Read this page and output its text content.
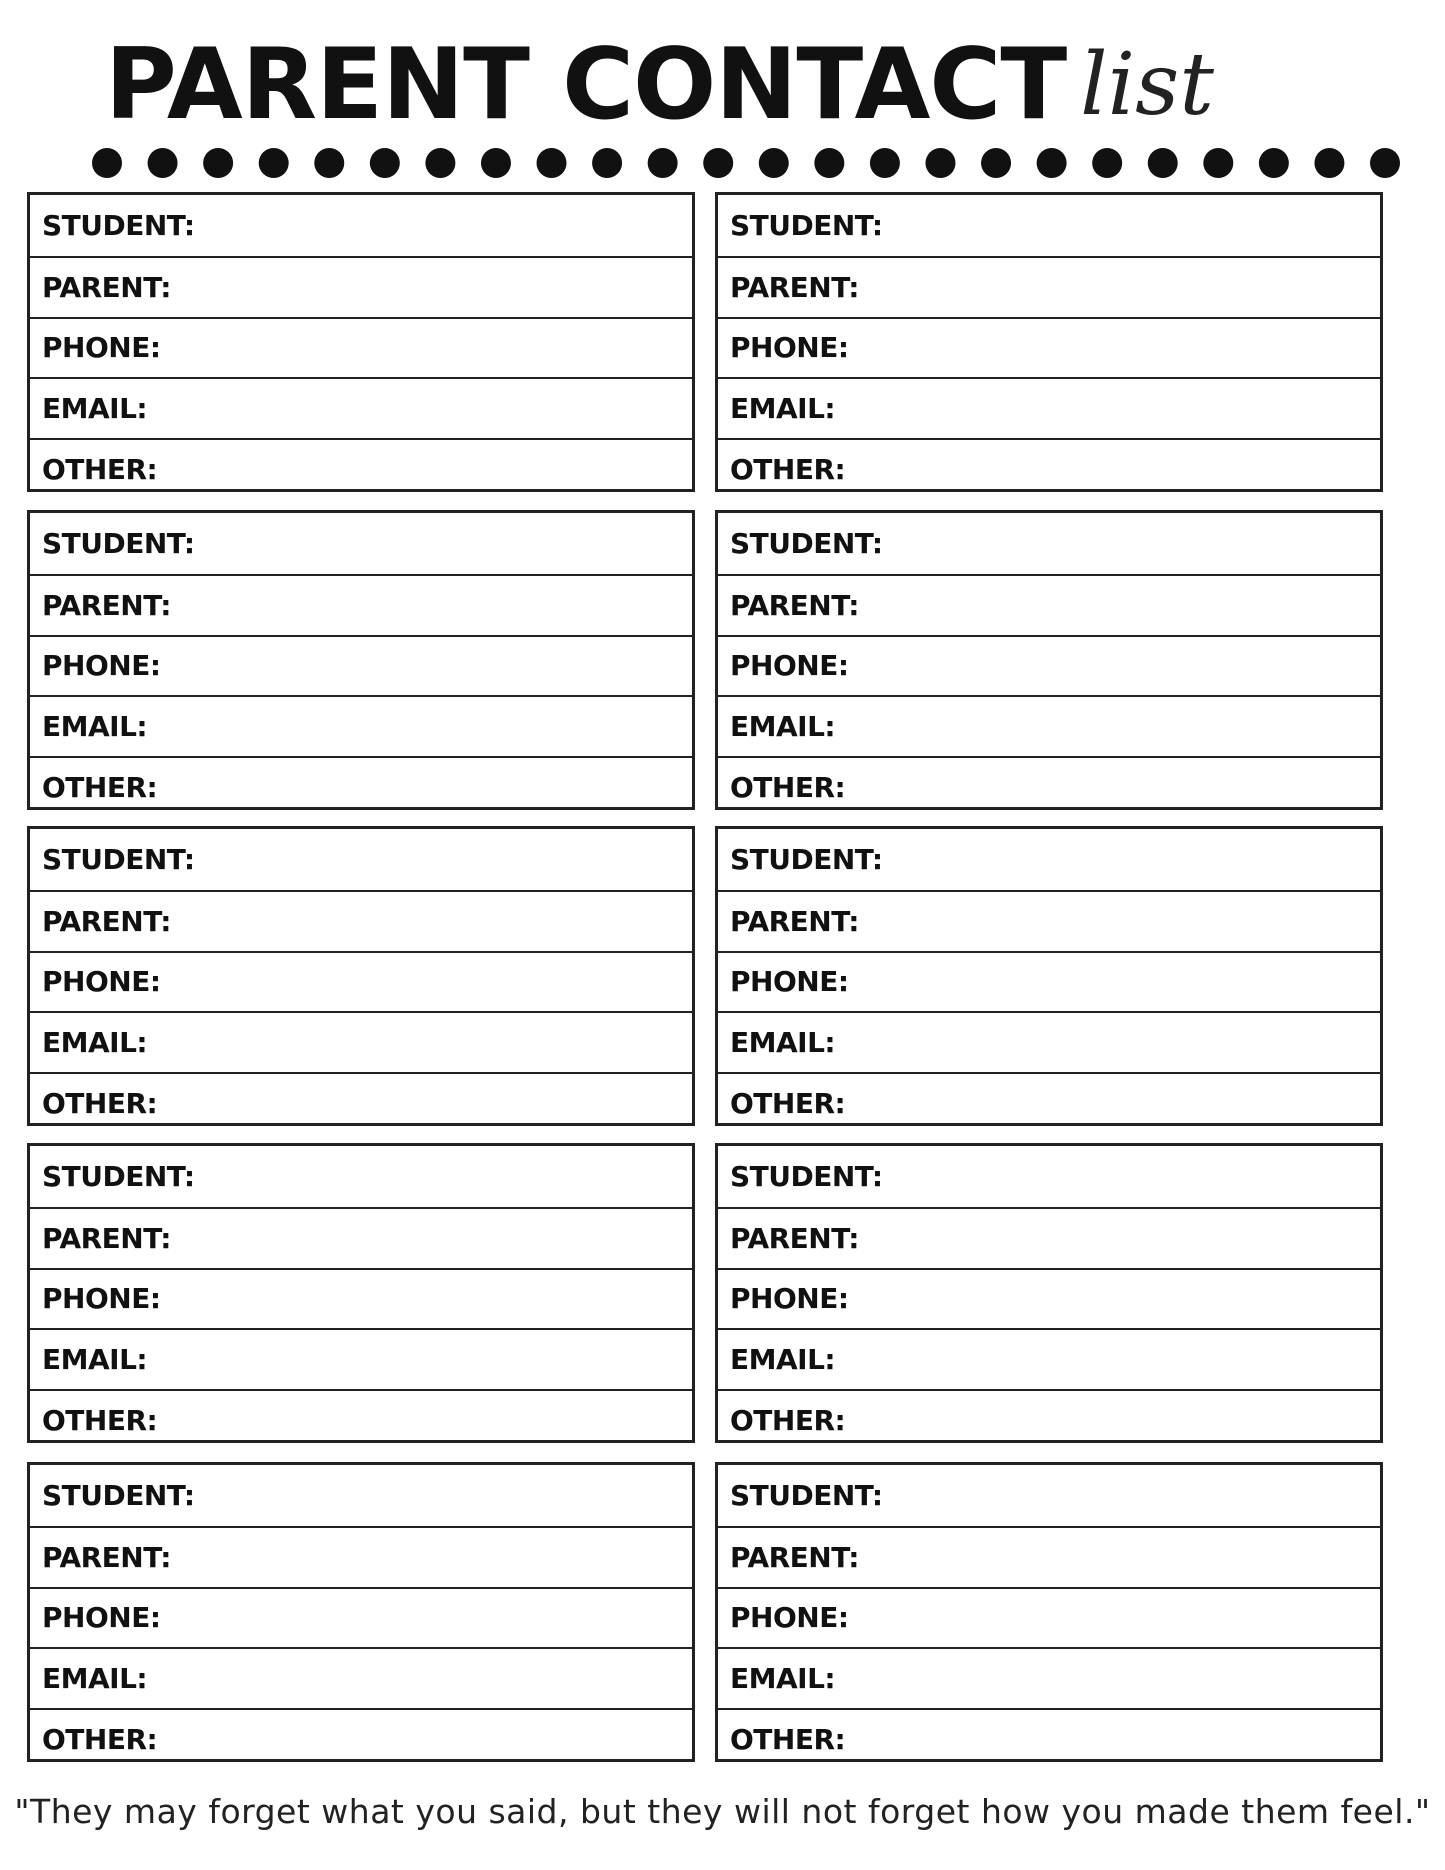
PARENT CONTACT list
STUDENT:
PARENT:
PHONE:
EMAIL:
OTHER:
STUDENT:
PARENT:
PHONE:
EMAIL:
OTHER:
STUDENT:
PARENT:
PHONE:
EMAIL:
OTHER:
STUDENT:
PARENT:
PHONE:
EMAIL:
OTHER:
STUDENT:
PARENT:
PHONE:
EMAIL:
OTHER:
STUDENT:
PARENT:
PHONE:
EMAIL:
OTHER:
STUDENT:
PARENT:
PHONE:
EMAIL:
OTHER:
STUDENT:
PARENT:
PHONE:
EMAIL:
OTHER:
STUDENT:
PARENT:
PHONE:
EMAIL:
OTHER:
STUDENT:
PARENT:
PHONE:
EMAIL:
OTHER:
"They may forget what you said, but they will not forget how you made them feel."
